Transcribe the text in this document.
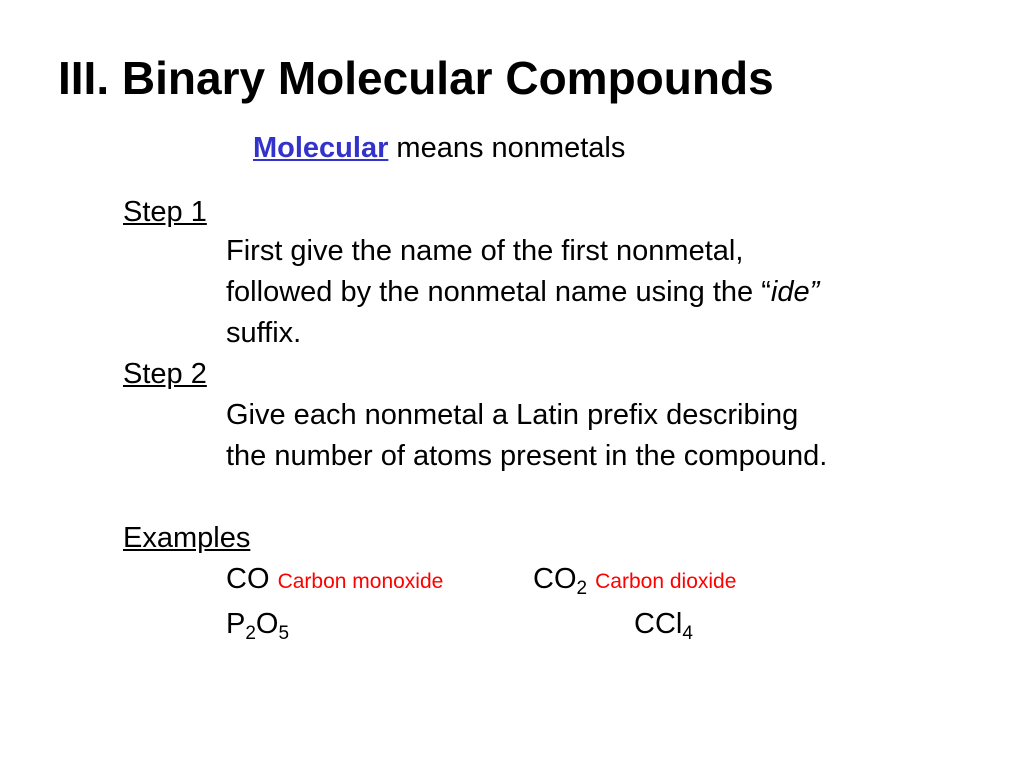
III. Binary Molecular Compounds
Molecular means nonmetals
Step 1
First give the name of the first nonmetal,
followed by the nonmetal name using the “ide”
suffix.
Step 2
Give each nonmetal a Latin prefix describing
the number of atoms present in the compound.
Examples
CO Carbon monoxide	$CO_2$ Carbon dioxide
$P_2O_5$	CCl$_4$
